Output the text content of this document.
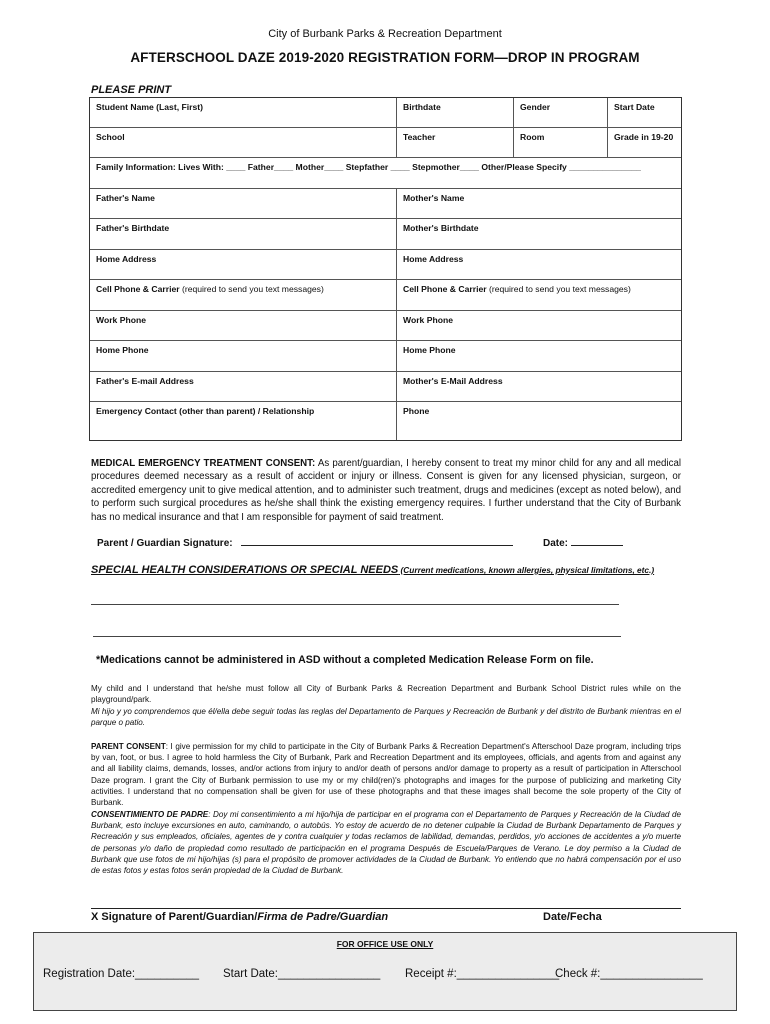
City of Burbank Parks & Recreation Department
AFTERSCHOOL DAZE 2019-2020 REGISTRATION FORM—DROP IN PROGRAM
PLEASE PRINT
Student Name (Last, First)	Birthdate	Gender	Start Date
School	Teacher	Room	Grade in 19-20
Family Information: Lives With: ____ Father____ Mother____ Stepfather ____ Stepmother____ Other/Please Specify _______________
Father's Name	Mother's Name
Father's Birthdate	Mother's Birthdate
Home Address	Home Address
Cell Phone & Carrier (required to send you text messages)	Cell Phone & Carrier (required to send you text messages)
Work Phone	Work Phone
Home Phone	Home Phone
Father's E-mail Address	Mother's E-Mail Address
Emergency Contact (other than parent) / Relationship	Phone
MEDICAL EMERGENCY TREATMENT CONSENT: As parent/guardian, I hereby consent to treat my minor child for any and all medical procedures deemed necessary as a result of accident or injury or illness. Consent is given for any licensed physician, surgeon, or accredited emergency unit to give medical attention, and to administer such treatment, drugs and medicines (except as noted below), and to perform such surgical procedures as he/she shall think the existing emergency requires. I further understand that the City of Burbank has no medical insurance and that I am responsible for payment of said treatment.
Parent / Guardian Signature:	Date:
SPECIAL HEALTH CONSIDERATIONS OR SPECIAL NEEDS (Current medications, known allergies, physical limitations, etc.)
*Medications cannot be administered in ASD without a completed Medication Release Form on file.
My child and I understand that he/she must follow all City of Burbank Parks & Recreation Department and Burbank School District rules while on the playground/park.
Mi hijo y yo comprendemos que él/ella debe seguir todas las reglas del Departamento de Parques y Recreación de Burbank y del distrito de Burbank mientras en el parque o patio.
PARENT CONSENT: I give permission for my child to participate in the City of Burbank Parks & Recreation Department's Afterschool Daze program, including trips by van, foot, or bus. I agree to hold harmless the City of Burbank, Park and Recreation Department and its employees, officials, and agents from and against any and all liability claims, demands, losses, and/or actions from injury to and/or death of persons and/or damage to property as a result of participation in Afterschool Daze program. I grant the City of Burbank permission to use my or my child(ren)'s photographs and images for the purpose of publicizing and marketing City activities. I understand that no compensation shall be given for use of these photographs and that these images shall become the sole property of the City of Burbank.
CONSENTIMIENTO DE PADRE: Doy mi consentimiento a mi hijo/hija de participar en el programa con el Departamento de Parques y Recreación de la Ciudad de Burbank, esto incluye excursiones en auto, caminando, o autobús. Yo estoy de acuerdo de no detener culpable la Ciudad de Burbank Departamento de Parques y Recreación y sus empleados, oficiales, agentes de y contra cualquier y todas reclamos de labilidad, demandas, perdidos, y/o acciones de accidentes a y/o muerte de personas y/o daño de propiedad como resultado de participación en el programa Después de Escuela/Parques de Verano. Le doy permiso a la Ciudad de Burbank que use fotos de mi hijo/hijas (s) para el propósito de promover actividades de la Ciudad de Burbank. Yo entiendo que no habrá compensación por el uso de estas fotos y estas fotos serán propiedad de la Ciudad de Burbank.
X Signature of Parent/Guardian/Firma de Padre/Guardian	Date/Fecha
FOR OFFICE USE ONLY
Registration Date:__________ Start Date:________________ Receipt #:________________
Check #:________________
